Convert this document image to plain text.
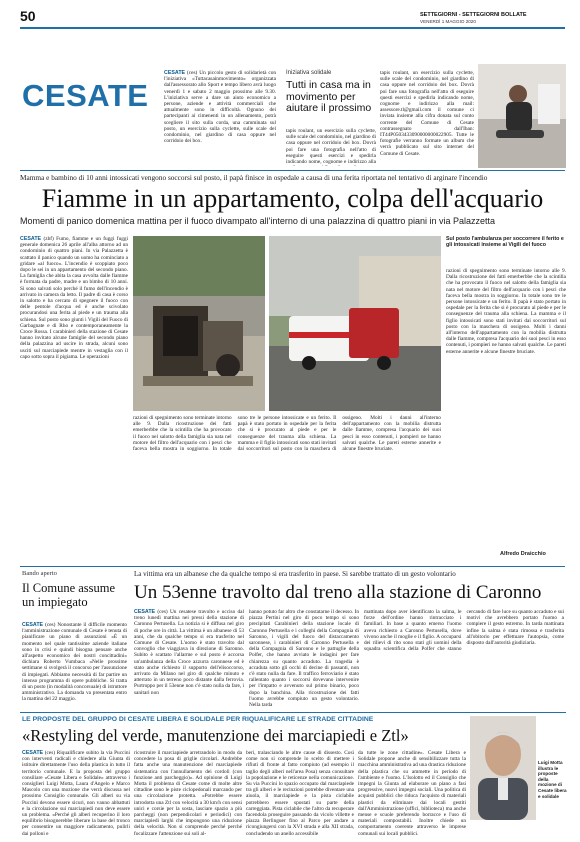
50	SETTEGIORNI - SETTEGIORNI BOLLATE
VENERDÌ 1 MAGGIO 2020
CESATE
CESATE (ces) Un piccolo gesto di solidarietà con l'iniziativa «Tuttacasainmovimento» organizzata dall'assessorato allo Sport e tempo libero avrà luogo venerdì 1 e sabato 2 maggio prossimo alle 9.30. L'iniziativa serve a dare un aiuto economico a persone, aziende e attività commerciali che attualmente sono in difficoltà. Ognuno dei partecipanti ai cimenenti in un allenamento, potrà scegliere il sito sulla corda, una camminata sul posto, un esercizio sulla cyclette, sulle scale del condominio, nel giardino di casa oppure nel corridoio dei box.
Iniziativa solidale
Tutti in casa ma in movimento per aiutare il prossimo
tapis roulant, un esercizio sulla cyclette, sulle scale del condominio, nel giardino di casa oppure nel corridoio dei box. Dovrà poi fare una fotografia nell'atto di eseguire questi esercizi e spedirla indicando nome, cognome e indirizzo alla
tapis roulant, un esercizio sulla cyclette, sulle scale del condominio, nel giardino di casa oppure nel corridoio dei box. Dovrà poi fare una fotografia nell'atto di eseguire questi esercizi e spedirla indicando nome, cognome e indirizzo alla mail: assessore.tl@gmail.com il comune ci inviata insieme alla cifra donata sul conto corrente del Comune di Cesate contrassegnato dall'Iban: IT44P0503433090000000022905. Tutte le fotografie verranno formate un album che verrà pubblicato sul sito internet del Comune di Cesate.
Mamma e bambino di 10 anni intossicati vengono soccorsi sul posto, il papà finisce in ospedale a causa di una ferita riportata nel tentativo di arginare l'incendio
Fiamme in un appartamento, colpa dell'acquario
Momenti di panico domenica mattina per il fuoco divampato all'interno di una palazzina di quattro piani in via Palazzetta
CESATE (zbf) Fumo, fiamme e un fuggi fuggi generale domenica 26 aprile all'alba attorno ad un condominio di quattro piani. In via Palazzetta è scattato il panico quando un uomo ha cominciato a gridare «al fuoco». L'incendio è scoppiato poco dopo le sei in un appartamento del secondo piano. La famiglia che abita la casa avvolta dalle fiamme è formata da padre, madre e un bimbo di 10 anni. Si sono salvati solo perché il fumo dell'incendio è arrivato in camera da letto. Il padre di casa è corso in salotto e ha cercato di spegnere il fuoco con delle pentole d'acqua ed è anche scivolato procurandosi una ferita al piede e un trauma alla schiena. Sul posto sono giunti i Vigili del Fuoco di Garbagnate e di Rho e contemporaneamente la Croce Rossa. I carabinieri della stazione di Cesate hanno invitato alcune famiglie del secondo piano della palazzina ad uscire in strada, alcuni sono usciti sul marciapiede mentre in vestaglia con il capo sotto sopra il pigiama. Le operazioni
Sul posto l'ambulanza per soccorrere il ferito e gli intossicati insieme ai Vigili del fuoco
razioni di spegnimento sono terminate intorno alle 9. Dalla ricostruzione dei fatti emerberbbe che la scintilla che ha provocato il fuoco nel salotto della famiglia sia nata nel motore del filtro dell'acquario con i pesci che faceva bella mostra in soggiorno. In totale sono tre le persone intossicate e un ferito. Il papà è stato portato in ospedale per la ferita che si è procurato al piede e per le conseguenze del trauma alla schiena. La mamma e il figlio intossicati sono stati invitati dai soccorritori sul posto con la maschera di ossigeno. Molti i danni all'interno dell'appartamento con la mobilia distrutta dalle fiamme, compresa l'acquario dei suoi pesci in esso contenuti, i pompieri ne hanno salvati qualche. Le pareti esterne annerite e alcune finestre bruciate.
razioni di spegnimento sono terminate intorno alle 9. Dalla ricostruzione dei fatti emerberbbe che la scintilla che ha provocato il fuoco nel salotto della famiglia sia nata nel motore del filtro dell'acquario con i pesci che faceva bella mostra in soggiorno. In totale sono tre le persone intossicate e un ferito. Il papà è stato portato in ospedale per la ferita che si è procurato al piede e per le conseguenze del trauma alla schiena. La mamma e il figlio intossicati sono stati invitati dai soccorritori sul posto con la maschera di ossigeno. Molti i danni all'interno dell'appartamento con la mobilia distrutta dalle fiamme, compresa l'acquario dei suoi pesci in esso contenuti, i pompieri ne hanno salvati qualche. Le pareti esterne annerite e alcune finestre bruciate.
Alfredo Draicchio
Bando aperto
Il Comune assume un impiegato
CESATE (ces) Nonostante il difficile momento l'amministrazione comunale di Cesate è tenuta di pianificare un piano di assunzioni «È un momento nel quale tantissime aziende italiane sono in crisi e quindi bisogna pensare anche all'aspetto economico dei nostri concittadini» dichiara Roberto Vumbaca «Nelle prossime settimane si svolgerà il concorso per l'assunzione di impiegati. Abbiamo necessità di far partire un intenso programma di opere pubbliche. Si tratta di un posto (in modalità concorsuale) di istruttore amministrativo. La domanda va presentata entro la mattina del 22 maggio.
La vittima era un albanese che da qualche tempo si era trasferito in paese. Si sarebbe trattato di un gesto volontario
Un 53enne travolto dal treno alla stazione di Caronno
CESATE (ces) Un cesatese travolto e ucciso dal treno lunedì mattina nei pressi della stazione di Caronno Pertusella. La notizia si è diffusa nel giro di poche ore in città. La vittima è un albanese di 53 anni, che da qualche tempo si era trasferito nel Comune di Cesate. L'uomo è stato travolto dal convoglio che viaggiava in direzione di Saronno. Subito è scattato l'allarme e sul posto è accorsa un'ambulanza della Croce azzurra caronnese ed è stato anche richiesto il supporto dell'elisoccorso, arrivato da Milano nel giro di qualche minuto e atterrato in un terreno poco distante dalla ferrovia. Purtroppo per il 53enne non c'è stato nulla da fare, i sanitari non
hanno potuto far altro che constatarne il decesso. In piazza Pertini nel giro di poco tempo si sono precipitati Carabinieri della stazione locale di Caronno Pertusella e i colleghi della Compagnia di Saronno, i vigili del fuoco del distaccamento saronnese, i carabinieri di Caronno Pertusella e della Compagnia di Saronno e le pattuglie della Polfer, che hanno avviato le indagini per fare chiarezza su quanto accaduto. La tragedia è accaduta sotto gli occhi di decine di passanti, non c'è stato nulla da fare. Il traffico ferroviario è stato rallentato quanto i soccorsi dovevano intervenire per l'impatto e avvenuto sul primo binario, poco dopo la banchina. Alla ricostruzione dei fatti l'uomo avrebbe compiuto un gesto volontario. Nella tarda
mattinata dopo aver identificato la salma, le forze dell'ordine hanno rintracciato i familiari. In base a quanto emerso l'uomo aveva richiesto a Caronno Pertusella, dove vivono anche il moglie e il figlio. A occuparsi dei rilievi di rito sono stati gli uomini della squadra scientifica della Polfer che stanno cercando di fare luce su quanto accaduto e sui motivi che avrebbero portato l'uomo a compiere il gesto estremo. In tarda mattinata infine la salma è stata rimossa e trasferita all'obitorio per effettuare l'autopsia, come disposto dall'autorità giudiziaria.
LE PROPOSTE DEL GRUPPO DI CESATE LIBERA E SOLIDALE PER RIQUALIFICARE LE STRADE CITTADINE
«Restyling del verde, manutenzione dei marciapiedi e Ztl»
CESATE (ces) Riqualificare subito la via Puccini con interventi radicali e chiedere alla Giunta di istituire direttamente l'uso della plastica in tutto il territorio comunale. E la proposta del gruppo consiliare «Cesate Libera e Solidale» attraverso i consiglieri Luigi Motta, Laura d'Angelo e Marco Mascolo con una mozione che verrà discussa nel prossimo Consiglio comunale. Gli alberi su via Puccini devono essere sicuri, non vanno abbattuti e la circolazione sui marciapiedi non deve essere un problema. «Perché gli alberi recuperino il loro equilibrio bisognerebbe liberare la base del tronco per consentire un maggiore radicamento, pulirli dai polloni e
ricostruire il marciapiede arretrandolo in modo da concedere la posa di griglie circolari. Andrebbe fatta anche una manutenzione del marciapiede sistematica con l'annullamento dei cordoli (con funzione anti parcheggio)». Ad opinione di Luigi Motta il problema di Cesate come di molte altre cittadine sono le piste ciclopedonali marcando per una circolazione protetta. «Potrebbe essere introdotta una Ztl con velocità a 30 km/h con sensi unici e corsie per la sosta, lasciare spazio a più parcheggi (non perpendicolari e periodici) con marciapiedi larghi che impongono una riduzione della velocità. Non si comprende perché perché focalizzare l'attenzione sui soli al-
beri, tralasciando le altre cause di dissesto. Così come non si comprende lo scelto di mettere i rifiuti di fronte al fatto compiuto (ad esempio il taglio degli alberi nell'area Posa) senza consultare la popolazione e le reticenze nella comunicazione. Su via Puccini lo spazio occupato dal marciapiede tra gli alberi e le recinzioni potrebbe diventare una aiuola, il marciapiede e la pista ciclabile potrebbero essere spostati su parte della carreggiata. Pista ciclabile che l'altro da recuperare facendola proseguire passando da vicolo villette e piazza Berlinguer fino al Parco per andare a ricongiungersi con la XVI strada e alla XII strada, concludendo un anello accessibile
da tutte le zone cittadine». Cesate Libera e Solidale propone anche di sensibilizzare tutta la macchina amministrativa ad una drastica riduzione della plastica che su ammette in periodo di l'ambiente e l'uomo. L'Isolotto ed il Consiglio che impegni la Giunta ad elaborare un piano a fasi progressive, nuovi impegni sociali. Una politica di acquisti pubblici che riduca l'acquisto di materiali plastici da eliminare dai locali gestiti dall'Amministrazione (uffici, biblioteca) ma anche mense e scuole preferendo borracce e l'uso di materiali compostabili. Inoltre chiede un comportamento coerente attraverso le imprese comunali sui locali pubblici.
Luigi Motta illustra le proposte della mozione di Cesate libera e solidale
